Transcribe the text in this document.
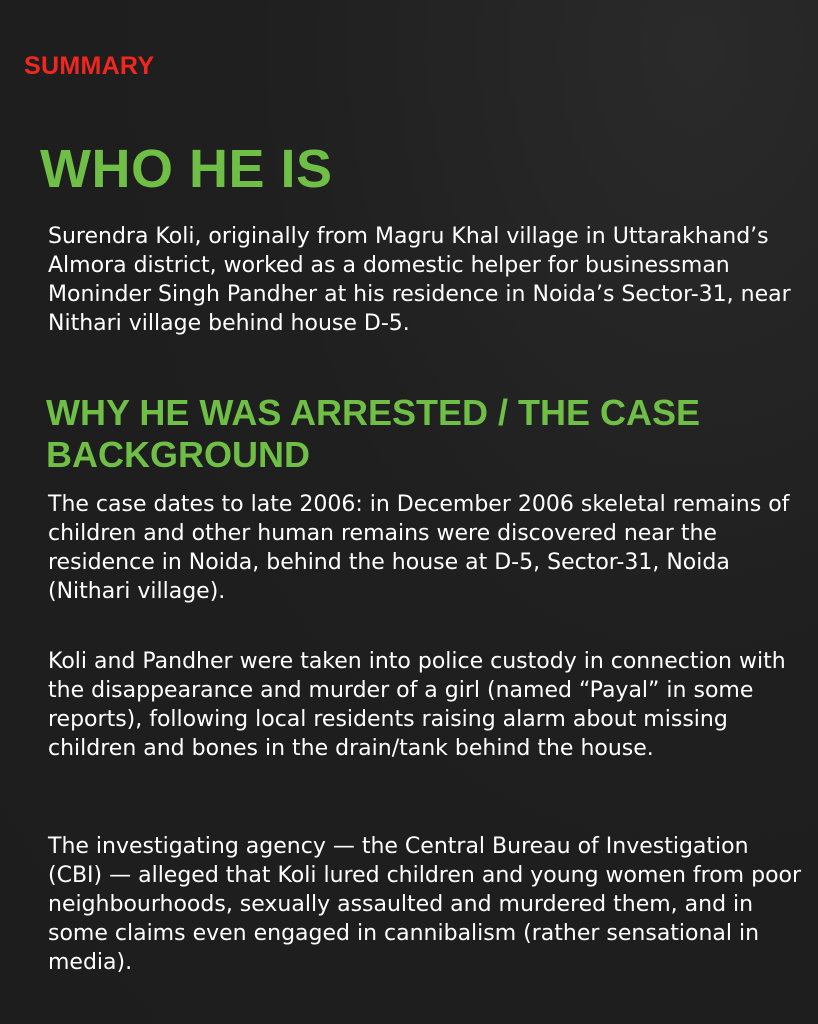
SUMMARY

WHO HE IS

Surendra Koli, originally from Magru Khal village in Uttarakhand’s Almora district, worked as a domestic helper for businessman Moninder Singh Pandher at his residence in Noida’s Sector-31, near Nithari village behind house D-5.

WHY HE WAS ARRESTED / THE CASE BACKGROUND

The case dates to late 2006: in December 2006 skeletal remains of children and other human remains were discovered near the residence in Noida, behind the house at D-5, Sector-31, Noida (Nithari village).

Koli and Pandher were taken into police custody in connection with the disappearance and murder of a girl (named “Payal” in some reports), following local residents raising alarm about missing children and bones in the drain/tank behind the house.

The investigating agency — the Central Bureau of Investigation (CBI) — alleged that Koli lured children and young women from poor neighbourhoods, sexually assaulted and murdered them, and in some claims even engaged in cannibalism (rather sensational in media).
